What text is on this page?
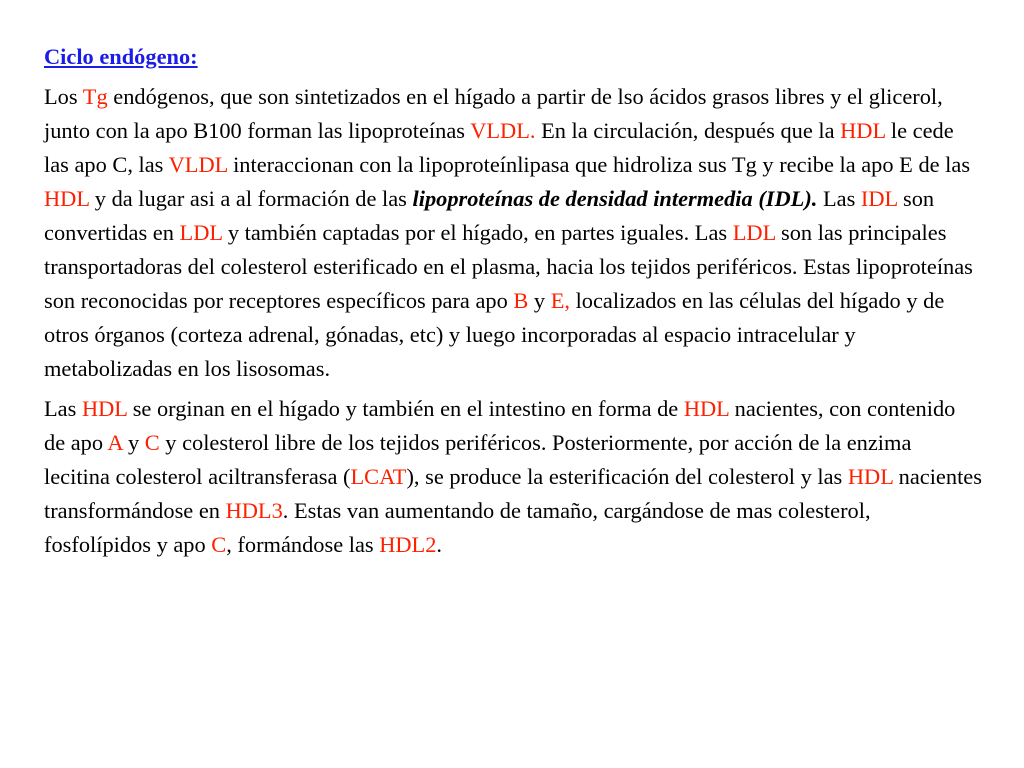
Ciclo endógeno:

Los Tg endógenos, que son sintetizados en el hígado a partir de lso ácidos grasos libres y el glicerol, junto con la apo B100 forman las lipoproteínas VLDL. En la circulación, después que la HDL le cede las apo C, las VLDL interaccionan con la lipoproteínlipasa que hidroliza sus Tg y recibe la apo E de las HDL y da lugar asi a al formación de las lipoproteínas de densidad intermedia (IDL). Las IDL son convertidas en LDL y también captadas por el hígado, en partes iguales. Las LDL son las principales transportadoras del colesterol esterificado en el plasma, hacia los tejidos periféricos. Estas lipoproteínas son reconocidas por receptores específicos para apo B y E, localizados en las células del hígado y de otros órganos (corteza adrenal, gónadas, etc) y luego incorporadas al espacio intracelular y metabolizadas en los lisosomas.

Las HDL se orginan en el hígado y también en el intestino en forma de HDL nacientes, con contenido de apo A y C y colesterol libre de los tejidos periféricos. Posteriormente, por acción de la enzima lecitina colesterol aciltransferasa (LCAT), se produce la esterificación del colesterol y las HDL nacientes transformándose en HDL3. Estas van aumentando de tamaño, cargándose de mas colesterol, fosfolípidos y apo C, formándose las HDL2.
